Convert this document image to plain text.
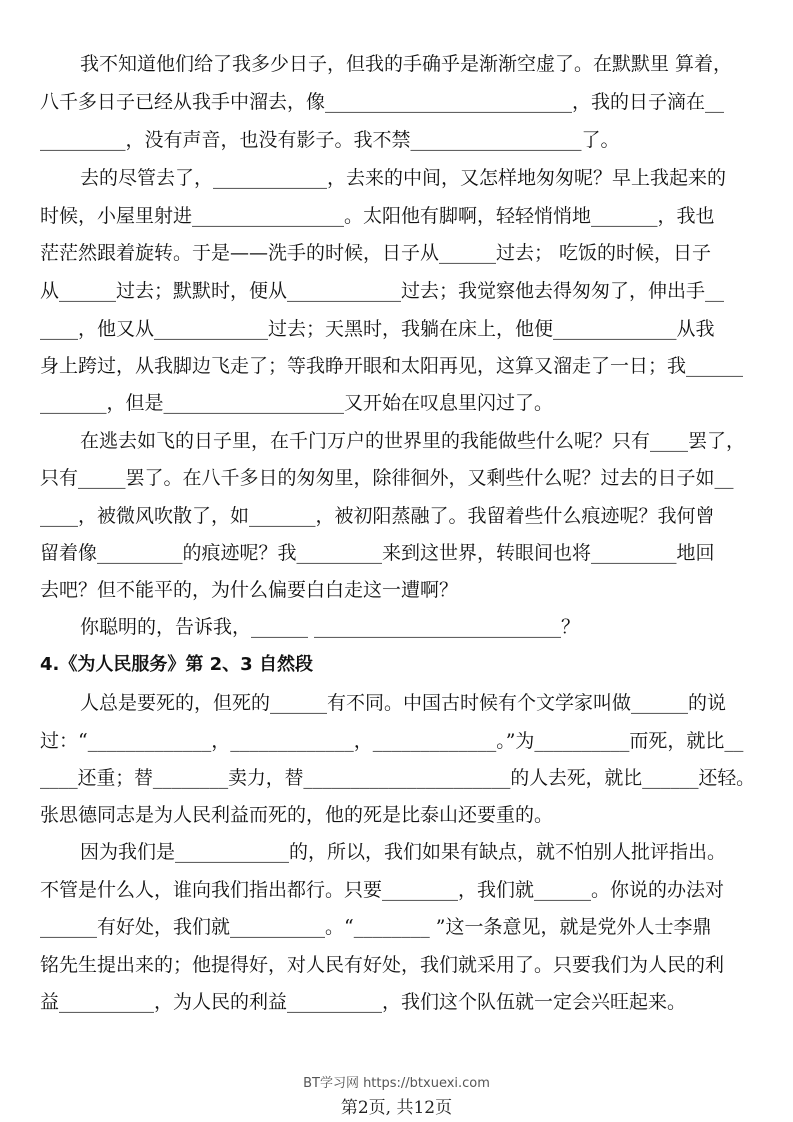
我不知道他们给了我多少日子，但我的手确乎是渐渐空虚了。在默默里 算着，
八千多日子已经从我手中溜去，像__________________________，我的日子滴在__
_________，没有声音，也没有影子。我不禁__________________了。
去的尽管去了，____________，去来的中间，又怎样地匆匆呢？早上我起来的
时候，小屋里射进________________。太阳他有脚啊，轻轻悄悄地_______，我也
茫茫然跟着旋转。于是——洗手的时候，日子从______过去； 吃饭的时候，日子
从______过去；默默时，便从____________过去；我觉察他去得匆匆了，伸出手__
____，他又从____________过去；天黑时，我躺在床上，他便_____________从我
身上跨过，从我脚边飞走了；等我睁开眼和太阳再见，这算又溜走了一日；我______
_______，但是___________________又开始在叹息里闪过了。
在逃去如飞的日子里，在千门万户的世界里的我能做些什么呢？只有____罢了，
只有_____罢了。在八千多日的匆匆里，除徘徊外，又剩些什么呢？过去的日子如__
____，被微风吹散了，如_______，被初阳蒸融了。我留着些什么痕迹呢？我何曾
留着像_________的痕迹呢？我_________来到这世界，转眼间也将_________地回
去吧？但不能平的，为什么偏要白白走这一遭啊？
你聪明的，告诉我，______ __________________________？
4.《为人民服务》第 2、3 自然段
人总是要死的，但死的______有不同。中国古时候有个文学家叫做______的说
过：“_____________，_____________，_____________。”为__________而死，就比__
____还重；替________卖力，替______________________的人去死，就比______还轻。
张思德同志是为人民利益而死的，他的死是比泰山还要重的。
因为我们是____________的，所以，我们如果有缺点，就不怕别人批评指出。
不管是什么人，谁向我们指出都行。只要________，我们就______。你说的办法对
______有好处，我们就__________。“________ ”这一条意见，就是党外人士李鼎
铭先生提出来的；他提得好，对人民有好处，我们就采用了。只要我们为人民的利
益__________，为人民的利益__________，我们这个队伍就一定会兴旺起来。
BT学习网 https://btxuexi.com
第2页, 共12页
